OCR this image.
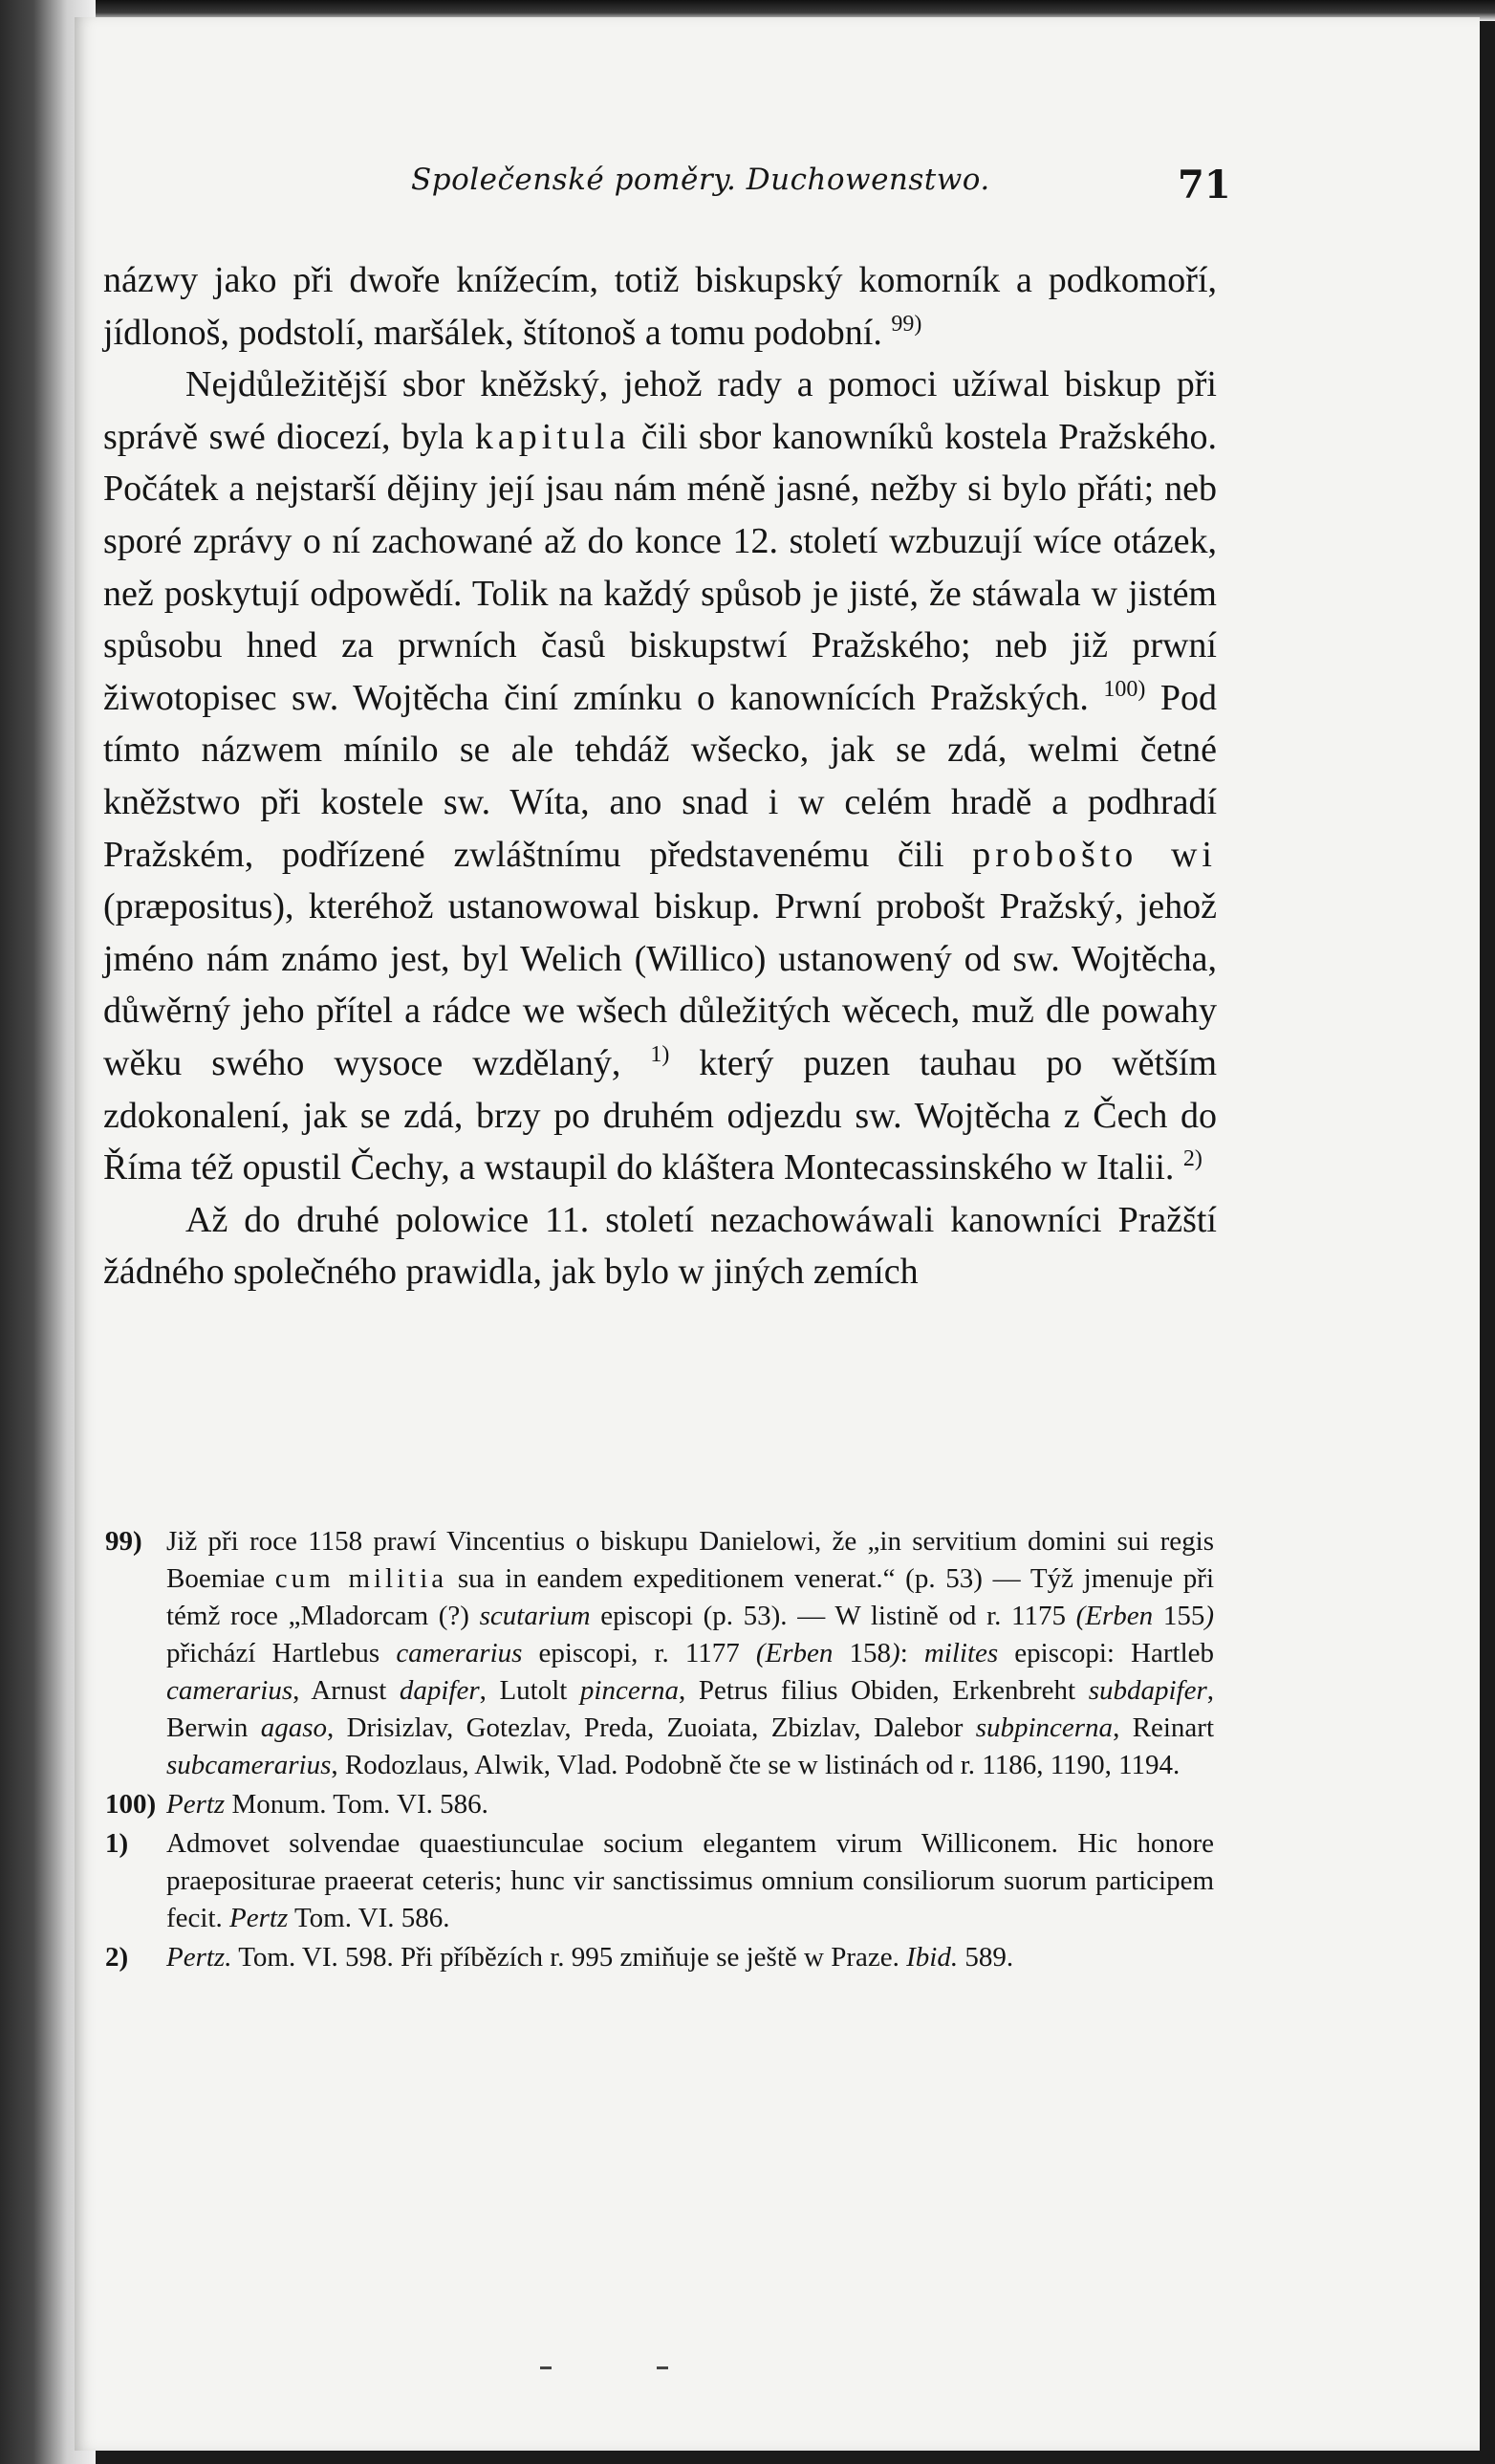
Společenské poměry. Duchowenstwo.	71

názwy jako při dwoře knížecím, totiž biskupský komorník a podkomoří, jídlonoš, podstolí, maršálek, štítonoš a tomu podobní. $^{99)}$

Nejdůležitější sbor kněžský, jehož rady a pomoci užíwal biskup při správě swé diocezí, byla kapitula čili sbor kanowníků kostela Pražského. Počátek a nejstarší dějiny její jsau nám méně jasné, nežby si bylo přáti; neb sporé zprávy o ní zachowané až do konce 12. století wzbuzují wíce otázek, než poskytují odpowědí. Tolik na každý spůsob je jisté, že stáwala w jistém spůsobu hned za prwních časů biskupstwí Pražského; neb již prwní žiwotopisec sw. Wojtěcha činí zmínku o kanownících Pražských. $^{100)}$ Pod tímto názwem mínilo se ale tehdáž wšecko, jak se zdá, welmi četné kněžstwo při kostele sw. Wíta, ano snad i w celém hradě a podhradí Pražském, podřízené zwláštnímu představenému čili probošto wi (præpositus), kteréhož ustanowowal biskup. Prwní probošt Pražský, jehož jméno nám známo jest, byl Welich (Willico) ustanowený od sw. Wojtěcha, důwěrný jeho přítel a rádce we wšech důležitých wěcech, muž dle powahy wěku swého wysoce wzdělaný, $^{1)}$ který puzen tauhau po wětším zdokonalení, jak se zdá, brzy po druhém odjezdu sw. Wojtěcha z Čech do Říma též opustil Čechy, a wstaupil do kláštera Montecassinského w Italii. $^{2)}$

Až do druhé polowice 11. století nezachowáwali kanowníci Pražští žádného společného prawidla, jak bylo w jiných zemích

99) Již při roce 1158 prawí Vincentius o biskupu Danielowi, že „in servitium domini sui regis Boemiae cum militia sua in eandem expeditionem venerat.“ (p. 53) — Týž jmenuje při témž roce „Mladorcam (?) scutarium episcopi (p. 53). — W listině od r. 1175 (Erben 155) přichází Hartlebus camerarius episcopi, r. 1177 (Erben 158): milites episcopi: Hartleb camerarius, Arnust dapifer, Lutolt pincerna, Petrus filius Obiden, Erkenbreht subdapifer, Berwin agaso, Drisizlav, Gotezlav, Preda, Zuoiata, Zbizlav, Dalebor subpincerna, Reinart subcamerarius, Rodozlaus, Alwik, Vlad. Podobně čte se w listinách od r. 1186, 1190, 1194.
100) Pertz Monum. Tom. VI. 586.
1) Admovet solvendae quaestiunculae socium elegantem virum Williconem. Hic honore praepositurae praeerat ceteris; hunc vir sanctissimus omnium consiliorum suorum participem fecit. Pertz Tom. VI. 586.
2) Pertz. Tom. VI. 598. Při příbězích r. 995 zmiňuje se ještě w Praze. Ibid. 589.
